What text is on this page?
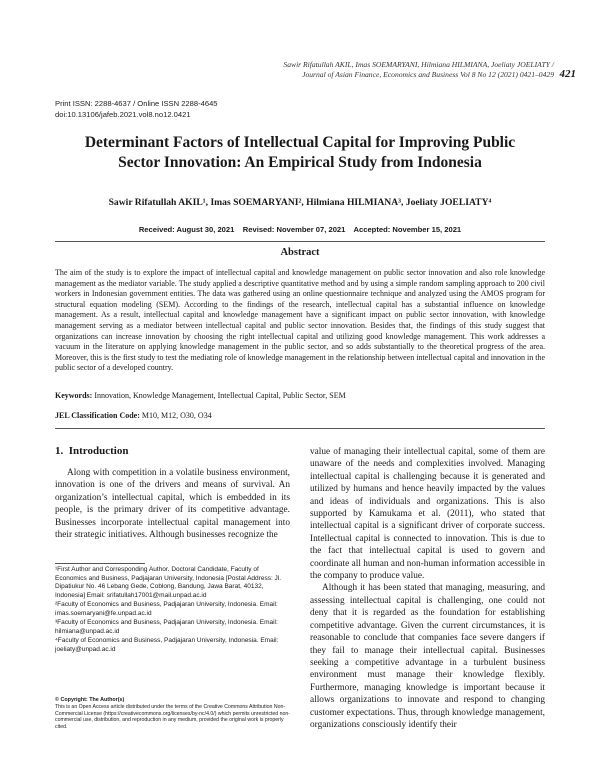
Sawir Rifatullah AKIL, Imas SOEMARYANI, Hilmiana HILMIANA, Joeliaty JOELIATY /
Journal of Asian Finance, Economics and Business Vol 8 No 12 (2021) 0421–0429 421
Print ISSN: 2288-4637 / Online ISSN 2288-4645
doi:10.13106/jafeb.2021.vol8.no12.0421
Determinant Factors of Intellectual Capital for Improving Public
Sector Innovation: An Empirical Study from Indonesia
Sawir Rifatullah AKIL¹, Imas SOEMARYANI², Hilmiana HILMIANA³, Joeliaty JOELIATY⁴
Received: August 30, 2021    Revised: November 07, 2021    Accepted: November 15, 2021
Abstract
The aim of the study is to explore the impact of intellectual capital and knowledge management on public sector innovation and also role knowledge management as the mediator variable. The study applied a descriptive quantitative method and by using a simple random sampling approach to 200 civil workers in Indonesian government entities. The data was gathered using an online questionnaire technique and analyzed using the AMOS program for structural equation modeling (SEM). According to the findings of the research, intellectual capital has a substantial influence on knowledge management. As a result, intellectual capital and knowledge management have a significant impact on public sector innovation, with knowledge management serving as a mediator between intellectual capital and public sector innovation. Besides that, the findings of this study suggest that organizations can increase innovation by choosing the right intellectual capital and utilizing good knowledge management. This work addresses a vacuum in the literature on applying knowledge management in the public sector, and so adds substantially to the theoretical progress of the area. Moreover, this is the first study to test the mediating role of knowledge management in the relationship between intellectual capital and innovation in the public sector of a developed country.
Keywords: Innovation, Knowledge Management, Intellectual Capital, Public Sector, SEM
JEL Classification Code: M10, M12, O30, O34
1.  Introduction
Along with competition in a volatile business environment, innovation is one of the drivers and means of survival. An organization’s intellectual capital, which is embedded in its people, is the primary driver of its competitive advantage. Businesses incorporate intellectual capital management into their strategic initiatives. Although businesses recognize the

¹First Author and Corresponding Author. Doctoral Candidate, Faculty of Economics and Business, Padjajaran University, Indonesia [Postal Address: Jl. Dipatiukur No. 46 Lebang Gede, Coblong, Bandung, Jawa Barat, 40132, Indonesia] Email: srifatullah17001@mail.unpad.ac.id

²Faculty of Economics and Business, Padjajaran University, Indonesia. Email: imas.soemaryani@fe.unpad.ac.id

³Faculty of Economics and Business, Padjajaran University, Indonesia. Email: hilmiana@unpad.ac.id

⁴Faculty of Economics and Business, Padjajaran University, Indonesia. Email: joeliaty@unpad.ac.id

© Copyright: The Author(s)

This is an Open Access article distributed under the terms of the Creative Commons Attribution Non-Commercial License (https://creativecommons.org/licenses/by-nc/4.0/) which permits unrestricted non-commercial use, distribution, and reproduction in any medium, provided the original work is properly cited.

value of managing their intellectual capital, some of them are unaware of the needs and complexities involved. Managing intellectual capital is challenging because it is generated and utilized by humans and hence heavily impacted by the values and ideas of individuals and organizations. This is also supported by Kamukama et al. (2011), who stated that intellectual capital is a significant driver of corporate success. Intellectual capital is connected to innovation. This is due to the fact that intellectual capital is used to govern and coordinate all human and non-human information accessible in the company to produce value.
Although it has been stated that managing, measuring, and assessing intellectual capital is challenging, one could not deny that it is regarded as the foundation for establishing competitive advantage. Given the current circumstances, it is reasonable to conclude that companies face severe dangers if they fail to manage their intellectual capital. Businesses seeking a competitive advantage in a turbulent business environment must manage their knowledge flexibly. Furthermore, managing knowledge is important because it allows organizations to innovate and respond to changing customer expectations. Thus, through knowledge management, organizations consciously identify their
